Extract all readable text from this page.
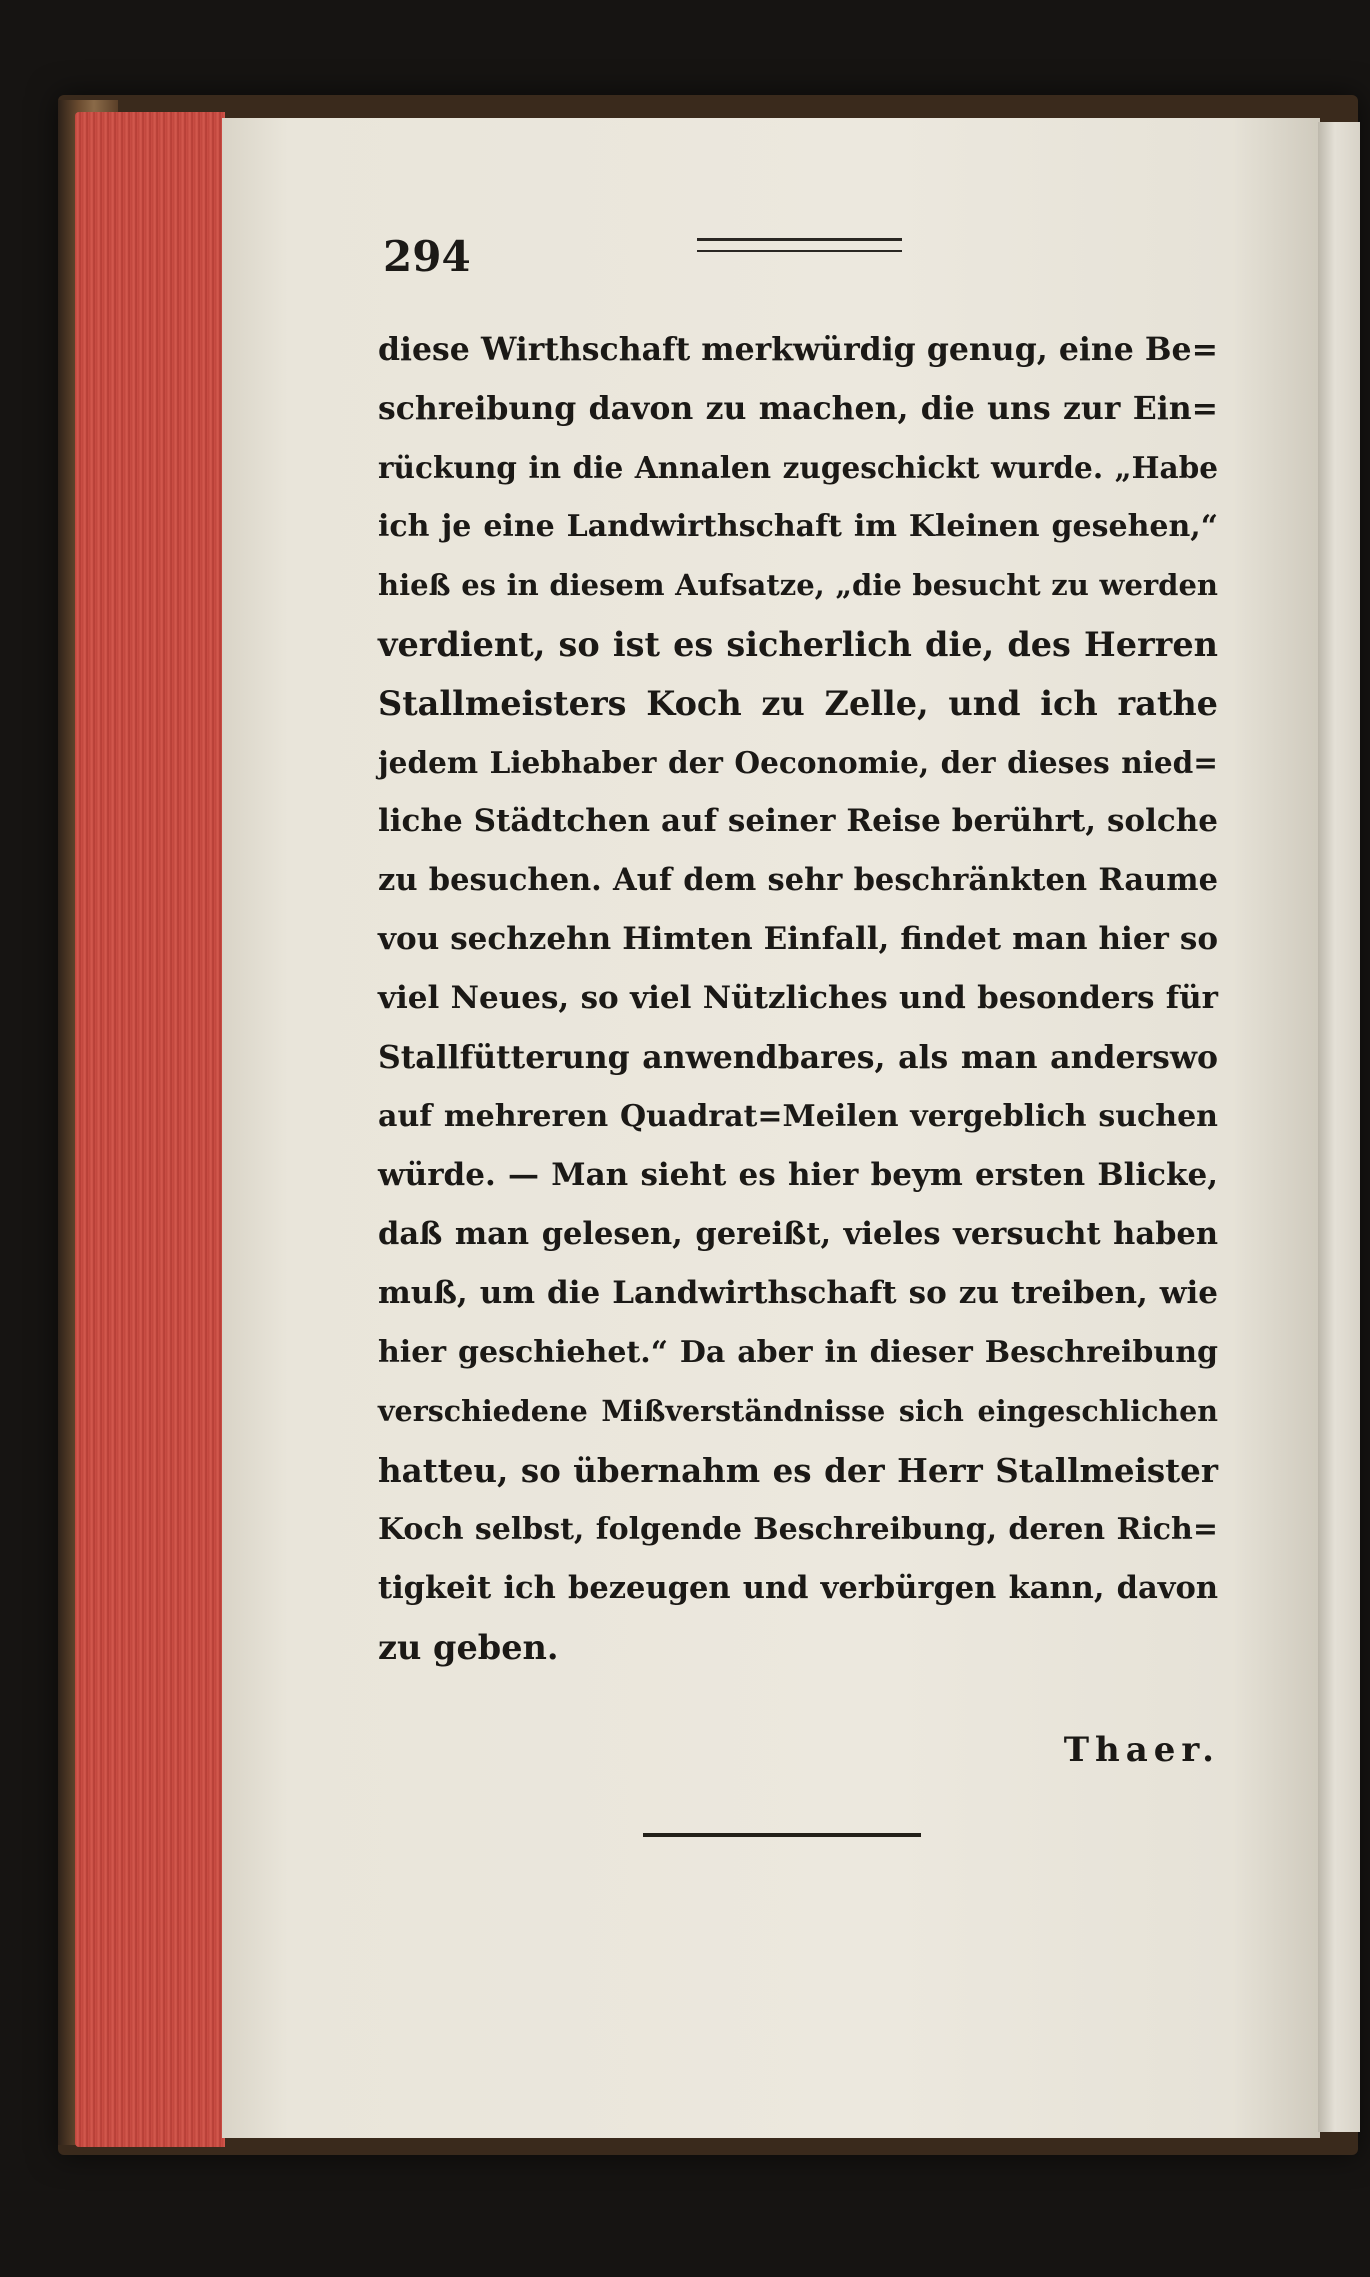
294
diese Wirthschaft merkwürdig genug, eine Be=
schreibung davon zu machen, die uns zur Ein=
rückung in die Annalen zugeschickt wurde. „Habe
ich je eine Landwirthschaft im Kleinen gesehen,“
hieß es in diesem Aufsatze, „die besucht zu werden
verdient, so ist es sicherlich die, des Herren
Stallmeisters Koch zu Zelle, und ich rathe
jedem Liebhaber der Oeconomie, der dieses nied=
liche Städtchen auf seiner Reise berührt, solche
zu besuchen. Auf dem sehr beschränkten Raume
vou sechzehn Himten Einfall, findet man hier so
viel Neues, so viel Nützliches und besonders für
Stallfütterung anwendbares, als man anderswo
auf mehreren Quadrat=Meilen vergeblich suchen
würde. — Man sieht es hier beym ersten Blicke,
daß man gelesen, gereißt, vieles versucht haben
muß, um die Landwirthschaft so zu treiben, wie
hier geschiehet.“ Da aber in dieser Beschreibung
verschiedene Mißverständnisse sich eingeschlichen
hatteu, so übernahm es der Herr Stallmeister
Koch selbst, folgende Beschreibung, deren Rich=
tigkeit ich bezeugen und verbürgen kann, davon
zu geben.
Thaer.
